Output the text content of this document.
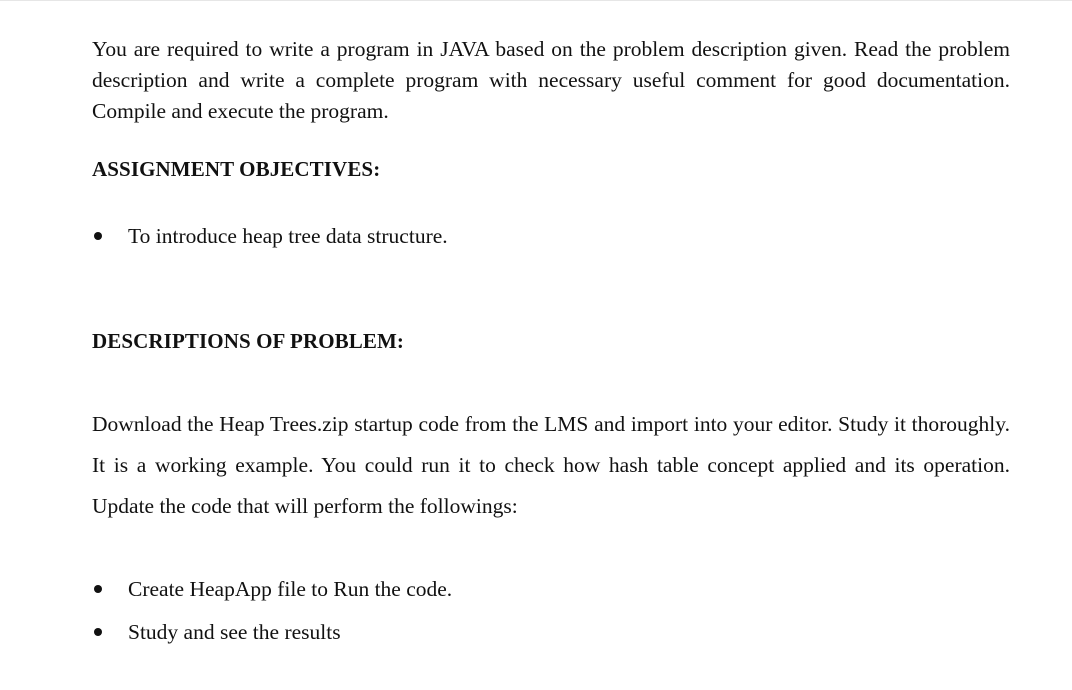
You are required to write a program in JAVA based on the problem description given. Read the problem description and write a complete program with necessary useful comment for good documentation. Compile and execute the program.

ASSIGNMENT OBJECTIVES:
To introduce heap tree data structure.
DESCRIPTIONS OF PROBLEM:

Download the Heap Trees.zip startup code from the LMS and import into your editor. Study it thoroughly. It is a working example. You could run it to check how hash table concept applied and its operation. Update the code that will perform the followings:

Create HeapApp file to Run the code.
Study and see the results
